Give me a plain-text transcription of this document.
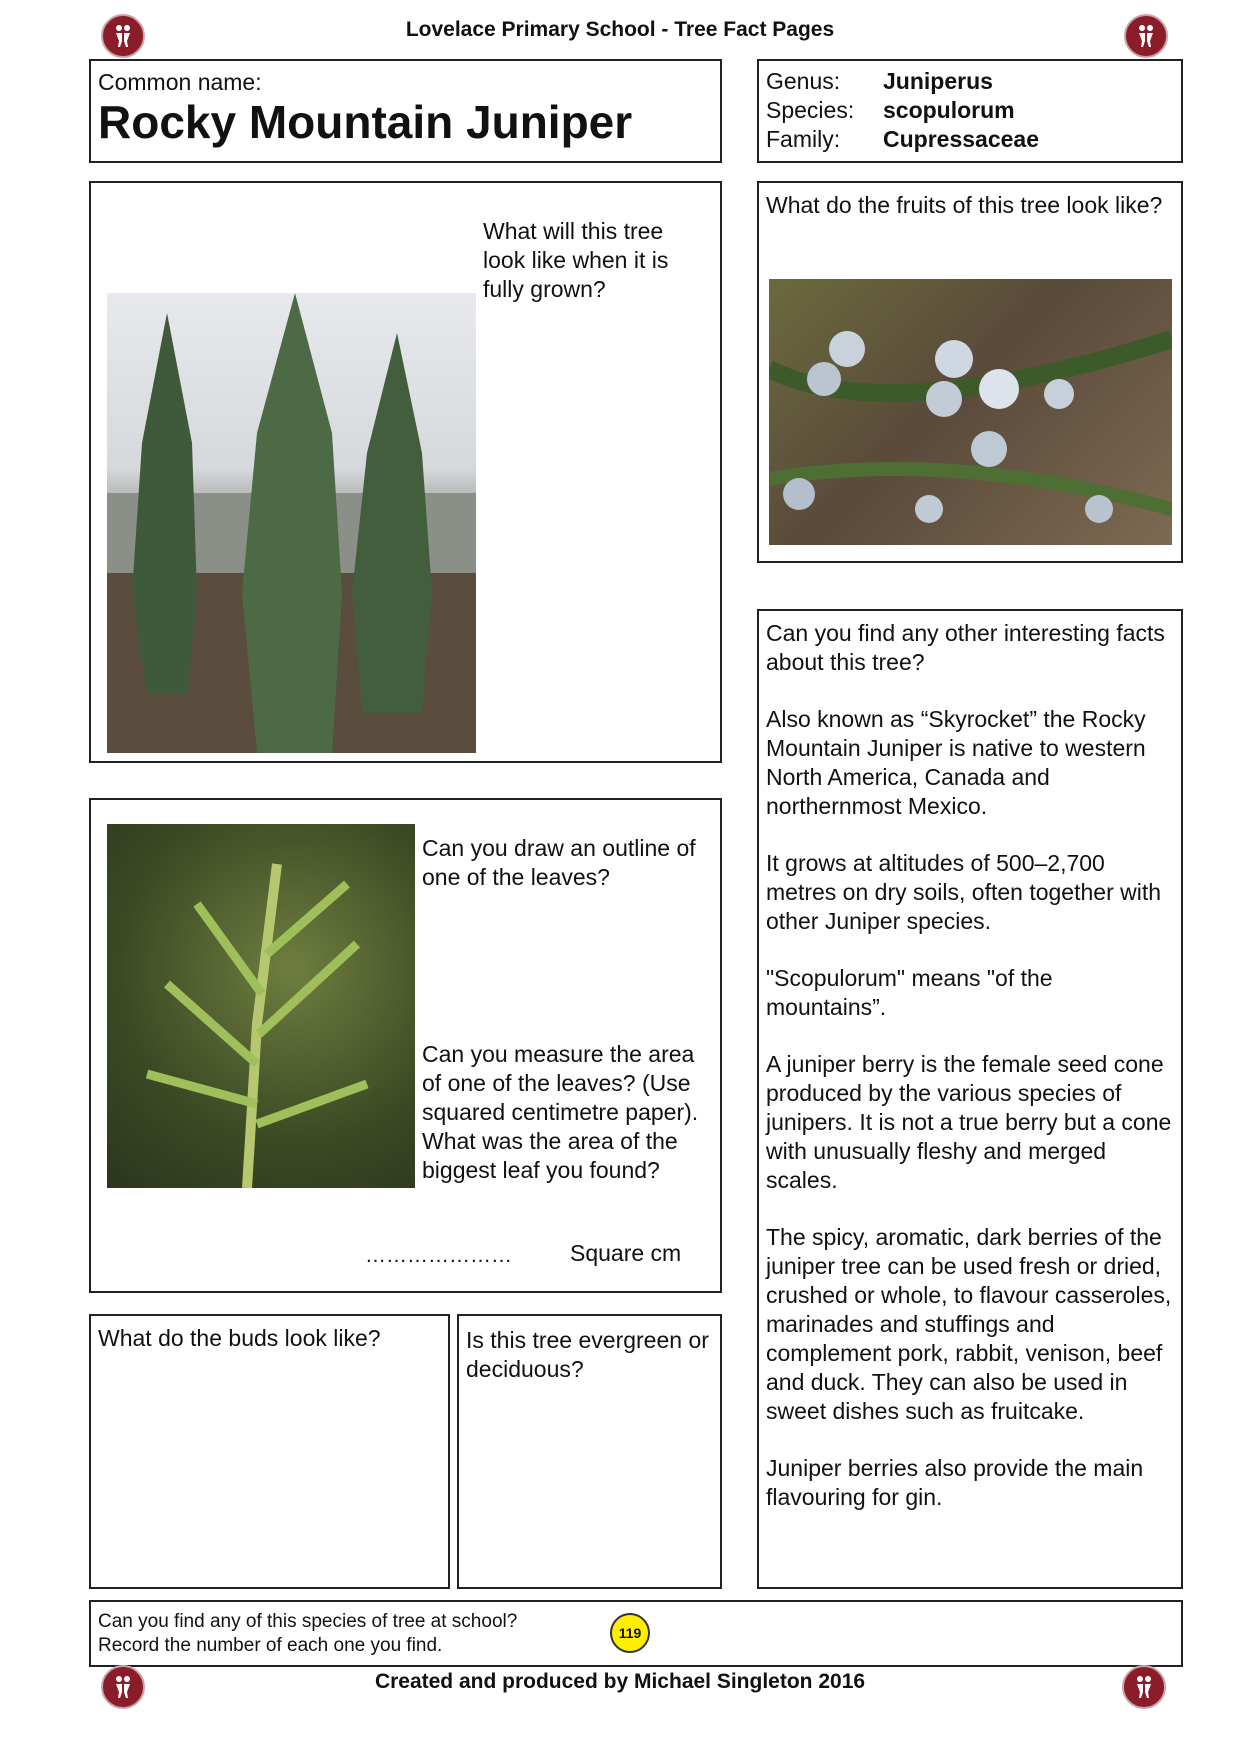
Lovelace Primary School - Tree Fact Pages
Common name:
Rocky Mountain Juniper
Genus:
Species:
Family:
Juniperus
scopulorum
Cupressaceae
What will this tree look like when it is fully grown?
What do the fruits of this tree look like?
Can you draw an outline of one of the leaves?
Can you measure the area of one of the leaves? (Use squared centimetre paper). What was the area of the biggest leaf you found?
…………………	Square cm
What do the buds look like?	Is this tree evergreen or deciduous?

Can you find any other interesting facts about this tree?

Also known as “Skyrocket” the Rocky Mountain Juniper is native to western North America, Canada and northernmost Mexico.

It grows at altitudes of 500–2,700 metres on dry soils, often together with other Juniper species.

"Scopulorum" means "of the mountains”.

A juniper berry is the female seed cone produced by the various species of junipers. It is not a true berry but a cone with unusually fleshy and merged scales.

The spicy, aromatic, dark berries of the juniper tree can be used fresh or dried, crushed or whole, to flavour casseroles, marinades and stuffings and complement pork, rabbit, venison, beef and duck. They can also be used in sweet dishes such as fruitcake.

Juniper berries also provide the main flavouring for gin.

Can you find any of this species of tree at school?
Record the number of each one you find.
119
Created and produced by Michael Singleton 2016
